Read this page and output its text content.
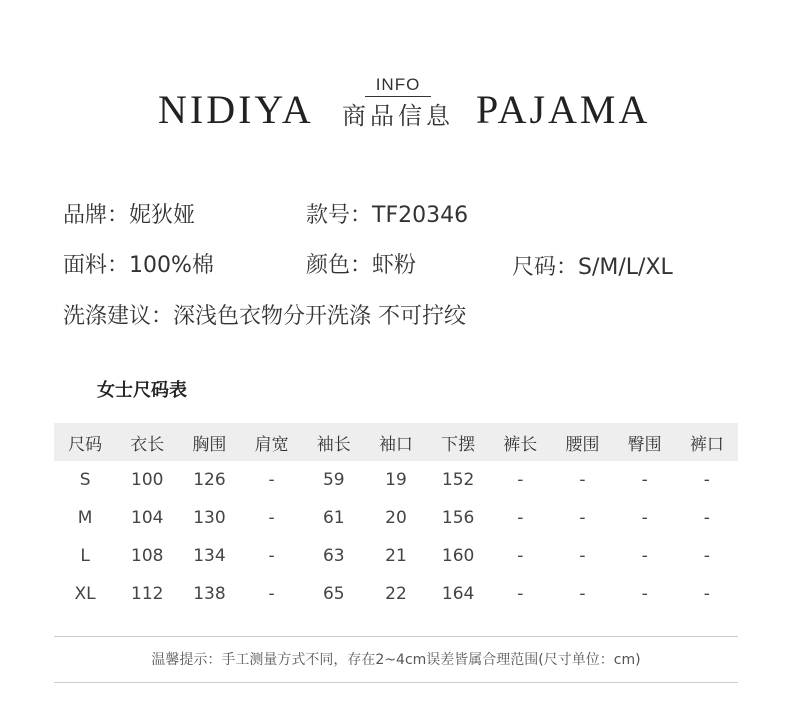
NIDIYA
INFO
商品信息 PAJAMA
品牌：妮狄娅	款号：TF20346
面料：100%棉	颜色：虾粉	尺码：S/M/L/XL
洗涤建议：深浅色衣物分开洗涤 不可拧绞
女士尺码表
尺码	衣长	胸围	肩宽	袖长	袖口	下摆	裤长	腰围	臀围	裤口
S	100	126	-	59	19	152	-	-	-	-
M	104	130	-	61	20	156	-	-	-	-
L	108	134	-	63	21	160	-	-	-	-
XL	112	138	-	65	22	164	-	-	-	-
温馨提示：手工测量方式不同，存在2~4cm误差皆属合理范围(尺寸单位：cm)
